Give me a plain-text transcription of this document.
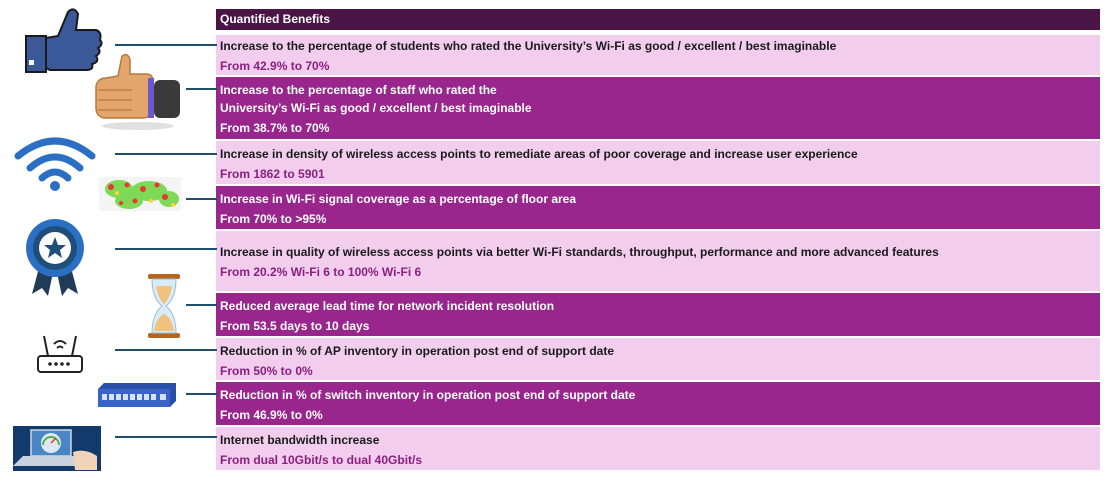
Quantified Benefits
Increase to the percentage of students who rated the University’s Wi-Fi as good / excellent / best imaginable
From 42.9% to 70%
Increase to the percentage of staff who rated the
University’s Wi-Fi as good / excellent / best imaginable
From 38.7% to 70%
Increase in density of wireless access points to remediate areas of poor coverage and increase user experience
From 1862 to 5901
Increase in Wi-Fi signal coverage as a percentage of floor area
From 70% to >95%
Increase in quality of wireless access points via better Wi-Fi standards, throughput, performance and more advanced features
From 20.2% Wi-Fi 6 to 100% Wi-Fi 6
Reduced average lead time for network incident resolution
From 53.5 days to 10 days
Reduction in % of AP inventory in operation post end of support date
From 50% to 0%
Reduction in % of switch inventory in operation post end of support date
From 46.9% to 0%
Internet bandwidth increase
From dual 10Gbit/s to dual 40Gbit/s
